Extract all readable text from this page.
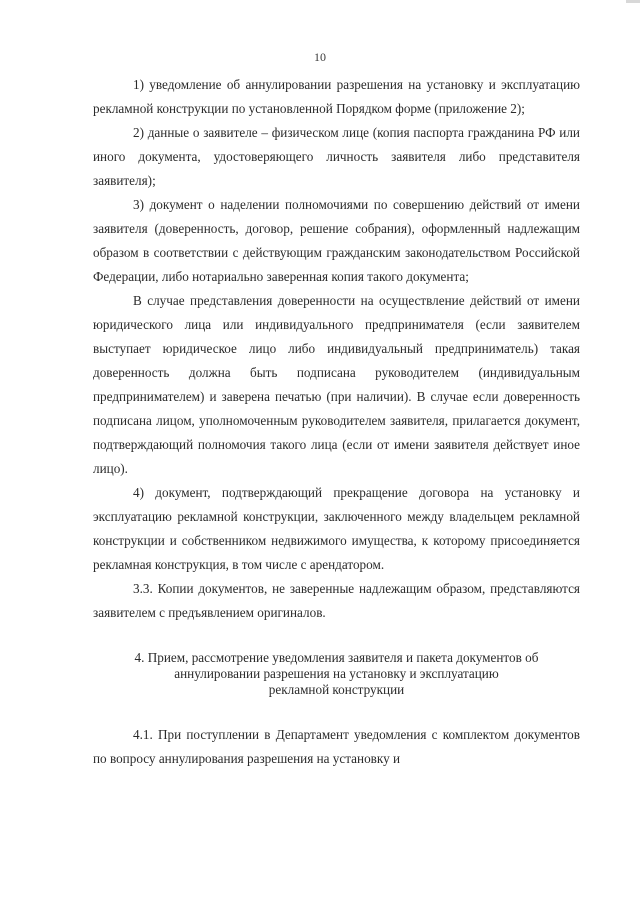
10

1) уведомление об аннулировании разрешения на установку и эксплуатацию рекламной конструкции по установленной Порядком форме (приложение 2);

2) данные о заявителе – физическом лице (копия паспорта гражданина РФ или иного документа, удостоверяющего личность заявителя либо представителя заявителя);

3) документ о наделении полномочиями по совершению действий от имени заявителя (доверенность, договор, решение собрания), оформленный надлежащим образом в соответствии с действующим гражданским законодательством Российской Федерации, либо нотариально заверенная копия такого документа;

В случае представления доверенности на осуществление действий от имени юридического лица или индивидуального предпринимателя (если заявителем выступает юридическое лицо либо индивидуальный предприниматель) такая доверенность должна быть подписана руководителем (индивидуальным предпринимателем) и заверена печатью (при наличии). В случае если доверенность подписана лицом, уполномоченным руководителем заявителя, прилагается документ, подтверждающий полномочия такого лица (если от имени заявителя действует иное лицо).

4) документ, подтверждающий прекращение договора на установку и эксплуатацию рекламной конструкции, заключенного между владельцем рекламной конструкции и собственником недвижимого имущества, к которому присоединяется рекламная конструкция, в том числе с арендатором.

3.3. Копии документов, не заверенные надлежащим образом, представляются заявителем с предъявлением оригиналов.

4. Прием, рассмотрение уведомления заявителя и пакета документов об
аннулировании разрешения на установку и эксплуатацию
рекламной конструкции

4.1. При поступлении в Департамент уведомления с комплектом документов по вопросу аннулирования разрешения на установку и
